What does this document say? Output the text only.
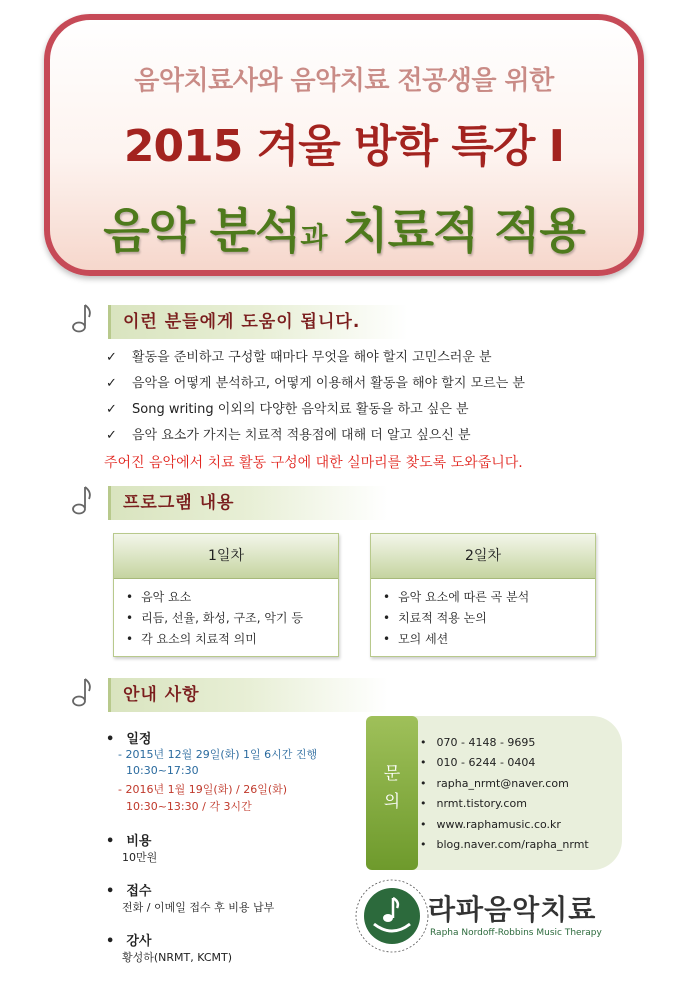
음악치료사와 음악치료 전공생을 위한
2015 겨울 방학 특강 I
음악 분석과 치료적 적용
이런 분들에게 도움이 됩니다.
✓ 활동을 준비하고 구성할 때마다 무엇을 해야 할지 고민스러운 분
✓ 음악을 어떻게 분석하고, 어떻게 이용해서 활동을 해야 할지 모르는 분
✓ Song writing 이외의 다양한 음악치료 활동을 하고 싶은 분
✓ 음악 요소가 가지는 치료적 적용점에 대해 더 알고 싶으신 분
주어진 음악에서 치료 활동 구성에 대한 실마리를 찾도록 도와줍니다.
프로그램 내용
1일차
• 음악 요소
• 리듬, 선율, 화성, 구조, 악기 등
• 각 요소의 치료적 의미
2일차
• 음악 요소에 따른 곡 분석
• 치료적 적용 논의
• 모의 세션
안내 사항
• 일정
- 2015년 12월 29일(화) 1일 6시간 진행
10:30~17:30
- 2016년 1월 19일(화) / 26일(화)
10:30~13:30 / 각 3시간
• 비용
10만원
• 접수
전화 / 이메일 접수 후 비용 납부
• 강사
황성하(NRMT, KCMT)
문의
• 070 - 4148 - 9695
• 010 - 6244 - 0404
• rapha_nrmt@naver.com
• nrmt.tistory.com
• www.raphamusic.co.kr
• blog.naver.com/rapha_nrmt
라파음악치료
Rapha Nordoff-Robbins Music Therapy
